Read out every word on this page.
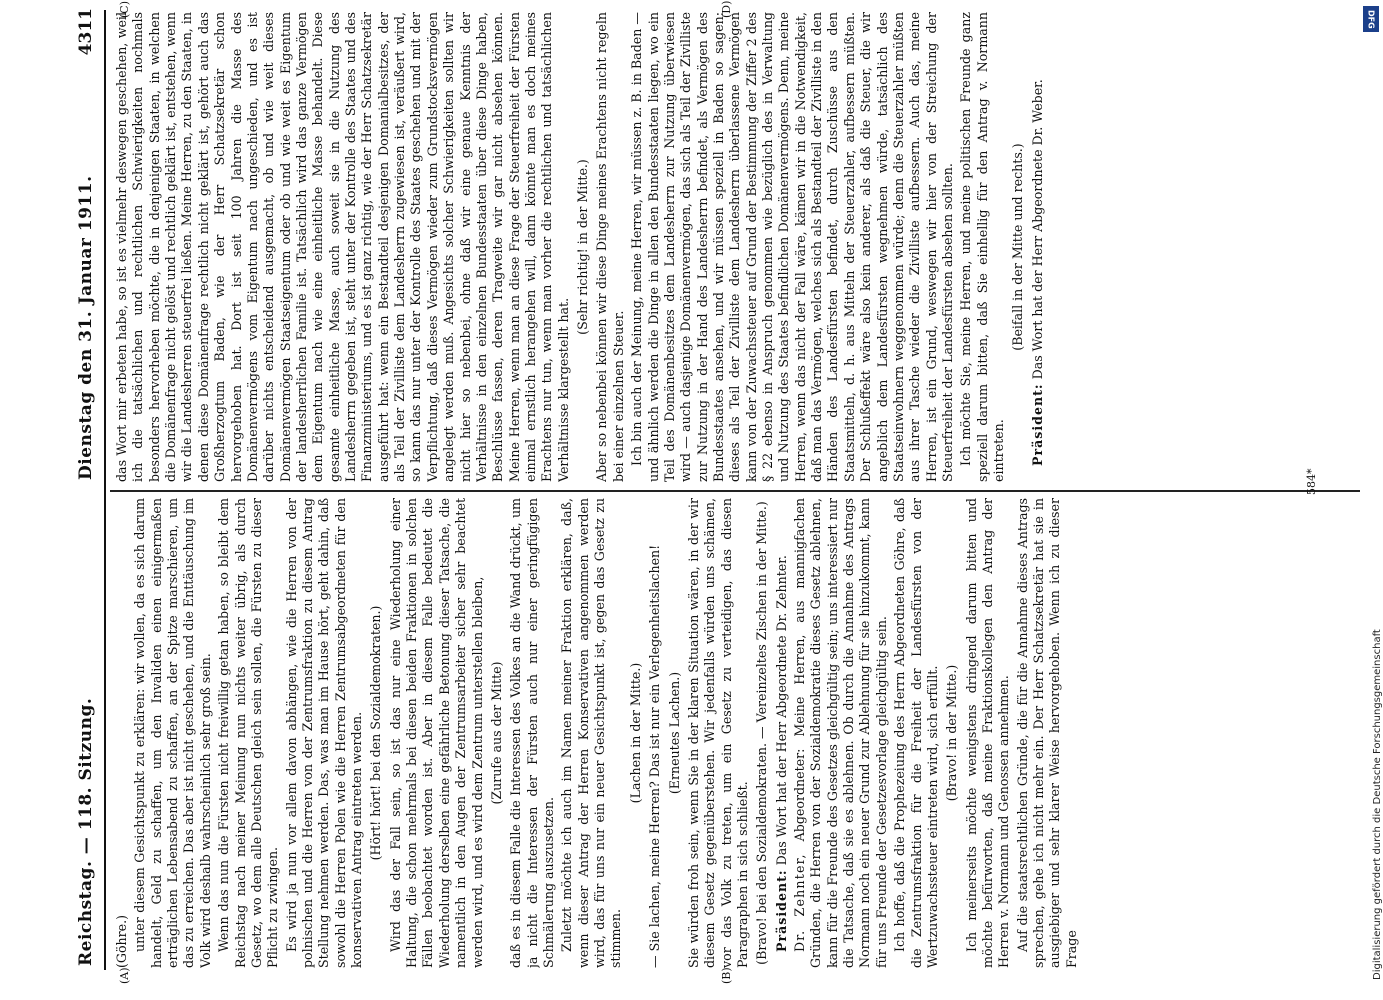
Reichstag. — 118. Sitzung.
Dienstag den 31. Januar 1911.
4311
(A)	(B)
(C)	(D)

(Göhre.) unter diesem Gesichtspunkt zu erklären: wir wollen, da es sich darum handelt, Geld zu schaffen, um den Invaliden einen einigermaßen erträglichen Lebensabend zu schaffen, an der Spitze marschieren, um das zu erreichen. Das aber ist nicht geschehen, und die Enttäuschung im Volk wird deshalb wahrscheinlich sehr groß sein. Wenn das nun die Fürsten nicht freiwillig getan haben, so bleibt dem Reichstag nach meiner Meinung nun nichts weiter übrig, als durch Gesetz, wo dem alle Deutschen gleich sein sollen, die Fürsten zu dieser Pflicht zu zwingen. Es wird ja nun vor allem davon abhängen, wie die Herren von der polnischen und die Herren von der Zentrumsfraktion zu diesem Antrag Stellung nehmen werden. Das, was man im Hause hört, geht dahin, daß sowohl die Herren Polen wie die Herren Zentrumsabgeordneten für den konservativen Antrag eintreten werden. (Hört! hört! bei den Sozialdemokraten.) Wird das der Fall sein, so ist das nur eine Wiederholung einer Haltung, die schon mehrmals bei diesen beiden Fraktionen in solchen Fällen beobachtet worden ist. Aber in diesem Falle bedeutet die Wiederholung derselben eine gefährliche Betonung dieser Tatsache, die namentlich in den Augen der Zentrumsarbeiter sicher sehr beachtet werden wird, und es wird dem Zentrum unterstellen bleiben, (Zurufe aus der Mitte) daß es in diesem Falle die Interessen des Volkes an die Wand drückt, um ja nicht die Interessen der Fürsten auch nur einer geringfügigen Schmälerung auszusetzen. Zuletzt möchte ich auch im Namen meiner Fraktion erklären, daß, wenn dieser Antrag der Herren Konservativen angenommen werden wird, das für uns nur ein neuer Gesichtspunkt ist, gegen das Gesetz zu stimmen.

(Lachen in der Mitte.) — Sie lachen, meine Herren? Das ist nur ein Verlegenheitslachen! (Erneutes Lachen.) Sie würden froh sein, wenn Sie in der klaren Situation wären, in der wir diesem Gesetz gegenüberstehen. Wir jedenfalls würden uns schämen, vor das Volk zu treten, um ein Gesetz zu verteidigen, das diesen Paragraphen in sich schließt. (Bravo! bei den Sozialdemokraten. — Vereinzeltes Zischen in der Mitte.) Präsident: Das Wort hat der Herr Abgeordnete Dr. Zehnter.

Dr. Zehnter, Abgeordneter: Meine Herren, aus mannigfachen Gründen, die Herren von der Sozialdemokratie dieses Gesetz ablehnen, kann für die Freunde des Gesetzes gleichgültig sein; uns interessiert nur die Tatsache, daß sie es ablehnen. Ob durch die Annahme des Antrags Normann noch ein neuer Grund zur Ablehnung für sie hinzukommt, kann für uns Freunde der Gesetzesvorlage gleichgültig sein. Ich hoffe, daß die Prophezeiung des Herrn Abgeordneten Göhre, daß die Zentrumsfraktion für die Freiheit der Landesfürsten von der Wertzuwachssteuer eintreten wird, sich erfüllt. (Bravo! in der Mitte.) Ich meinerseits möchte wenigstens dringend darum bitten und möchte befürworten, daß meine Fraktionskollegen den Antrag der Herren v. Normann und Genossen annehmen. Auf die staatsrechtlichen Gründe, die für die Annahme dieses Antrags sprechen, gehe ich nicht mehr ein. Der Herr Schatzsekretär hat sie in ausgiebiger und sehr klarer Weise hervorgehoben. Wenn ich zu dieser Frage

das Wort mir erbeten habe, so ist es vielmehr deswegen geschehen, weil ich die tatsächlichen und rechtlichen Schwierigkeiten nochmals besonders hervorheben möchte, die in denjenigen Staaten, in welchen die Domänenfrage nicht gelöst und rechtlich geklärt ist, entstehen, wenn wir die Landesherren steuerfrei ließen. Meine Herren, zu den Staaten, in denen diese Domänenfrage rechtlich nicht geklärt ist, gehört auch das Großherzogtum Baden, wie der Herr Schatzsekretär schon hervorgehoben hat. Dort ist seit 100 Jahren die Masse des Domänenvermögens vom Eigentum nach ungeschieden, und es ist darüber nichts entscheidend ausgemacht, ob und wie weit dieses Domänenvermögen Staatseigentum oder ob und wie weit es Eigentum der landesherrlichen Familie ist. Tatsächlich wird das ganze Vermögen dem Eigentum nach wie eine einheitliche Masse behandelt. Diese gesamte einheitliche Masse, auch soweit sie in die Nutzung des Landesherrn gegeben ist, steht unter der Kontrolle des Staates und des Finanzministeriums, und es ist ganz richtig, wie der Herr Schatzsekretär ausgeführt hat: wenn ein Bestandteil desjenigen Domanialbesitzes, der als Teil der Zivilliste dem Landesherrn zugewiesen ist, veräußert wird, so kann das nur unter der Kontrolle des Staates geschehen und mit der Verpflichtung, daß dieses Vermögen wieder zum Grundstocksvermögen angelegt werden muß. Angesichts solcher Schwierigkeiten sollten wir nicht hier so nebenbei, ohne daß wir eine genaue Kenntnis der Verhältnisse in den einzelnen Bundesstaaten über diese Dinge haben, Beschlüsse fassen, deren Tragweite wir gar nicht absehen können. Meine Herren, wenn man an diese Frage der Steuerfreiheit der Fürsten einmal ernstlich herangehen will, dann könnte man es doch meines Erachtens nur tun, wenn man vorher die rechtlichen und tatsächlichen Verhältnisse klargestellt hat.

(Sehr richtig! in der Mitte.) Aber so nebenbei können wir diese Dinge meines Erachtens nicht regeln bei einer einzelnen Steuer. Ich bin auch der Meinung, meine Herren, wir müssen z. B. in Baden — und ähnlich werden die Dinge in allen den Bundesstaaten liegen, wo ein Teil des Domänenbesitzes dem Landesherrn zur Nutzung überwiesen wird — auch dasjenige Domänenvermögen, das sich als Teil der Zivilliste zur Nutzung in der Hand des Landesherrn befindet, als Vermögen des Bundesstaates ansehen, und wir müssen speziell in Baden so sagen: dieses als Teil der Zivilliste dem Landesherrn überlassene Vermögen kann von der Zuwachssteuer auf Grund der Bestimmung der Ziffer 2 des § 22 ebenso in Anspruch genommen wie bezüglich des in Verwaltung und Nutzung des Staates befindlichen Domänenvermögens. Denn, meine Herren, wenn das nicht der Fall wäre, kämen wir in die Notwendigkeit, daß man das Vermögen, welches sich als Bestandteil der Zivilliste in den Händen des Landesfürsten befindet, durch Zuschüsse aus den Staatsmitteln, d. h. aus Mitteln der Steuerzahler, aufbessern müßten. Der Schlußeffekt wäre also kein anderer, als daß die Steuer, die wir angeblich dem Landesfürsten wegnehmen würde, tatsächlich des Staatseinwohnern weggenommen würde; denn die Steuerzahler müßten aus ihrer Tasche wieder die Zivilliste aufbessern. Auch das, meine Herren, ist ein Grund, weswegen wir hier von der Streichung der Steuerfreiheit der Landesfürsten absehen sollten. Ich möchte Sie, meine Herren, und meine politischen Freunde ganz speziell darum bitten, daß Sie einhellig für den Antrag v. Normann eintreten.

(Beifall in der Mitte und rechts.)

Präsident: Das Wort hat der Herr Abgeordnete Dr. Weber.

584*
DFG
Digitalisierung gefördert durch die Deutsche Forschungsgemeinschaft
